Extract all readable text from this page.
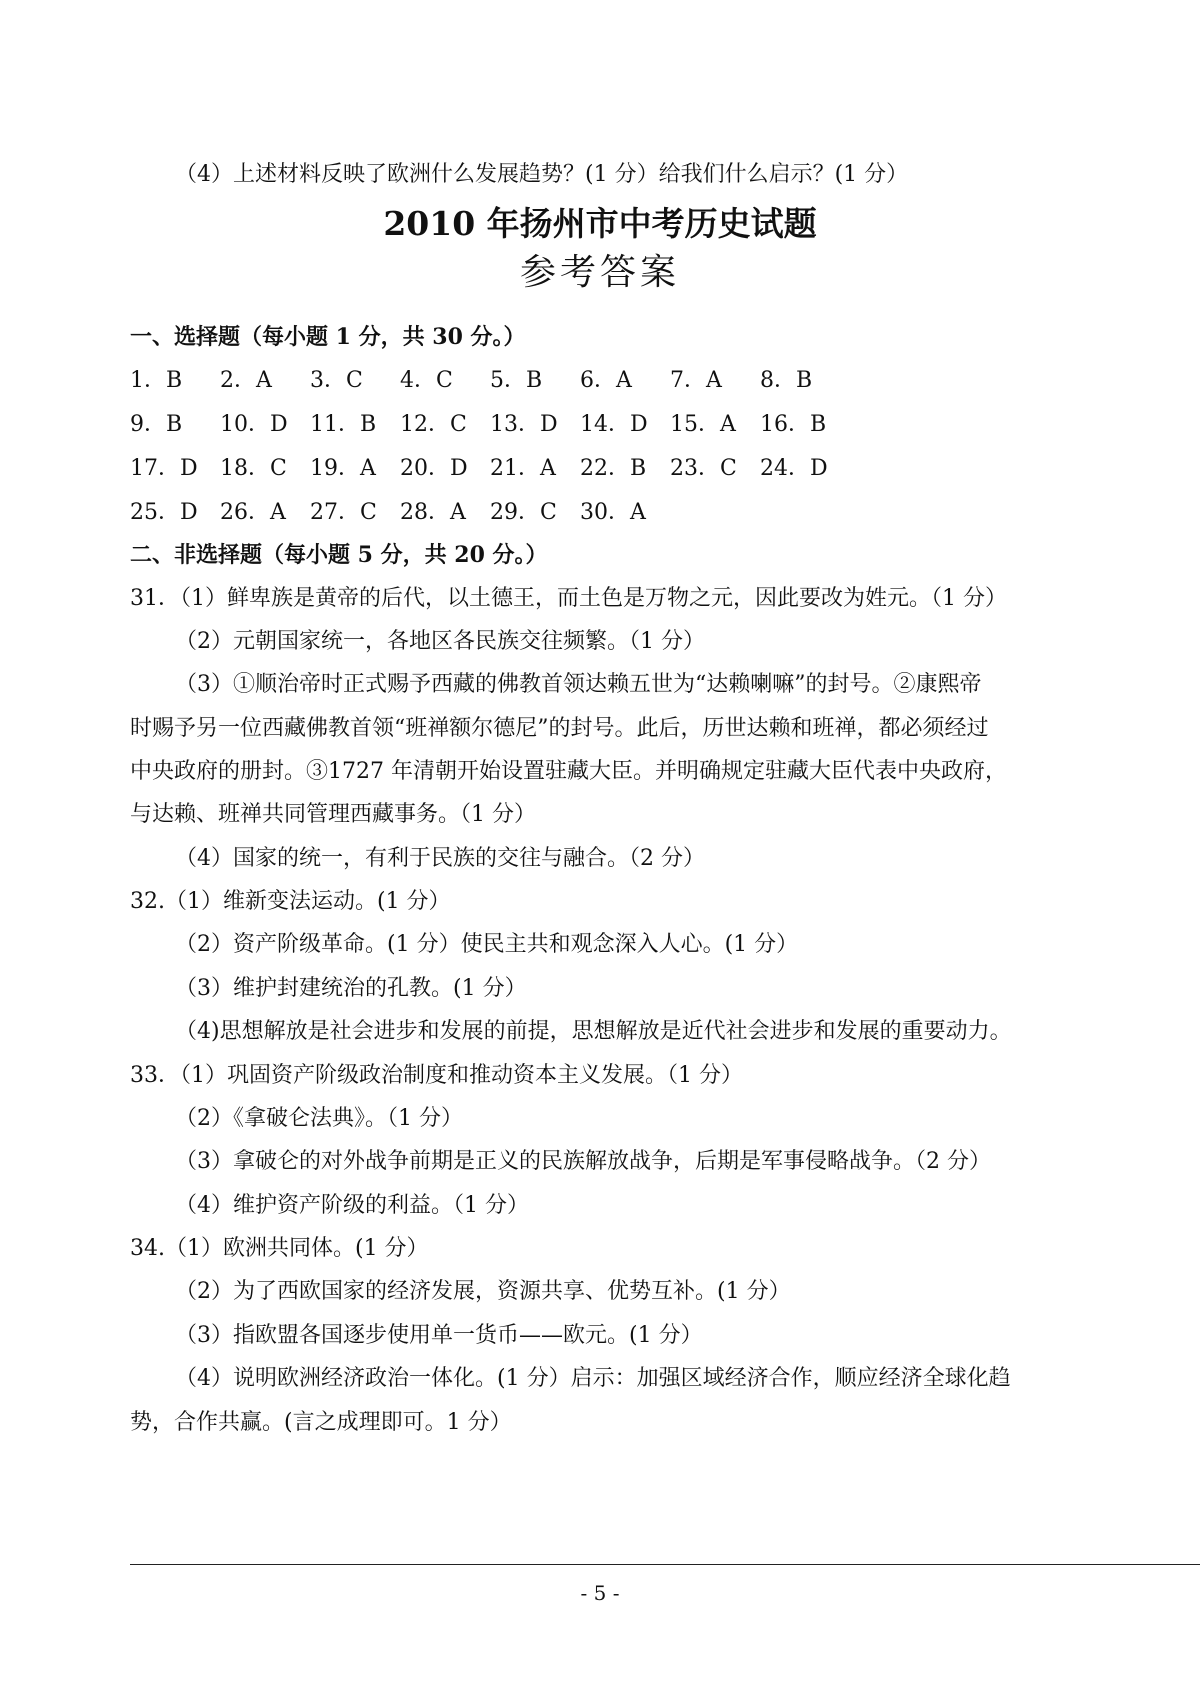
（4）上述材料反映了欧洲什么发展趋势？(1 分）给我们什么启示？(1 分）
2010 年扬州市中考历史试题
参考答案
一、选择题（每小题 1 分，共 30 分。）
1．B 2．A 3．C 4．C 5．B 6．A 7．A 8．B
9．B 10．D 11．B 12．C 13．D 14．D 15．A 16．B
17．D 18．C 19．A 20．D 21．A 22．B 23．C 24．D
25．D 26．A 27．C 28．A 29．C 30．A
二、非选择题（每小题 5 分，共 20 分。）
31．（1）鲜卑族是黄帝的后代，以土德王，而土色是万物之元，因此要改为姓元。（1 分）
（2）元朝国家统一，各地区各民族交往频繁。（1 分）
（3）①顺治帝时正式赐予西藏的佛教首领达赖五世为“达赖喇嘛”的封号。②康熙帝
时赐予另一位西藏佛教首领“班禅额尔德尼”的封号。此后，历世达赖和班禅，都必须经过
中央政府的册封。③1727 年清朝开始设置驻藏大臣。并明确规定驻藏大臣代表中央政府，
与达赖、班禅共同管理西藏事务。（1 分）
（4）国家的统一，有利于民族的交往与融合。（2 分）
32.（1）维新变法运动。(1 分）
（2）资产阶级革命。(1 分）使民主共和观念深入人心。(1 分）
（3）维护封建统治的孔教。(1 分）
（4)思想解放是社会进步和发展的前提，思想解放是近代社会进步和发展的重要动力。
33．（1）巩固资产阶级政治制度和推动资本主义发展。（1 分）
（2）《拿破仑法典》。（1 分）
（3）拿破仑的对外战争前期是正义的民族解放战争，后期是军事侵略战争。（2 分）
（4）维护资产阶级的利益。（1 分）
34.（1）欧洲共同体。(1 分）
（2）为了西欧国家的经济发展，资源共享、优势互补。(1 分）
（3）指欧盟各国逐步使用单一货币——欧元。(1 分）
（4）说明欧洲经济政治一体化。(1 分）启示：加强区域经济合作，顺应经济全球化趋
势，合作共赢。(言之成理即可。1 分）
- 5 -
